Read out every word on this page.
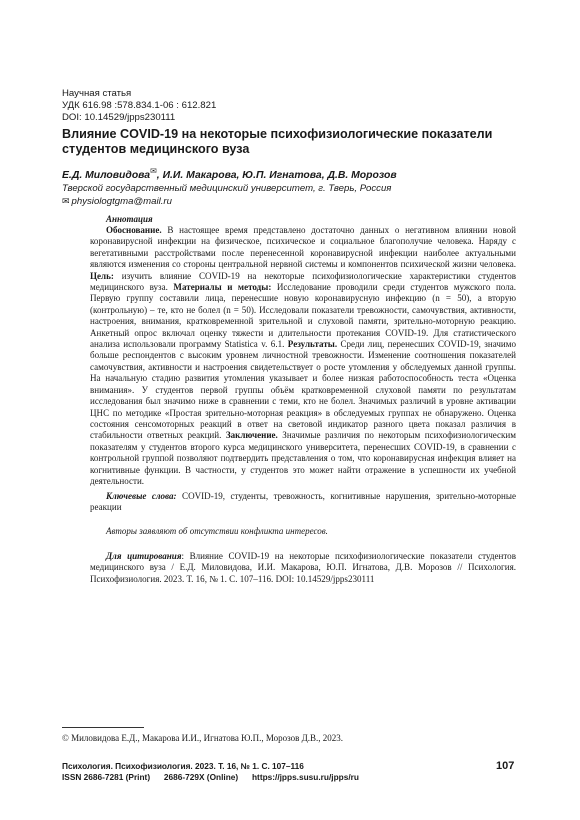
Научная статья
УДК 616.98 :578.834.1-06 : 612.821
DOI: 10.14529/jpps230111
Влияние COVID-19 на некоторые психофизиологические показатели студентов медицинского вуза
Е.Д. Миловидова✉, И.И. Макарова, Ю.П. Игнатова, Д.В. Морозов
Тверской государственный медицинский университет, г. Тверь, Россия
✉ physiologtgma@mail.ru
Аннотация

Обоснование. В настоящее время представлено достаточно данных о негативном влиянии новой коронавирусной инфекции на физическое, психическое и социальное благополучие человека. Наряду с вегетативными расстройствами после перенесенной коронавирусной инфекции наиболее актуальными являются изменения со стороны центральной нервной системы и компонентов психической жизни человека. Цель: изучить влияние COVID-19 на некоторые психофизиологические характеристики студентов медицинского вуза. Материалы и методы: Исследование проводили среди студентов мужского пола. Первую группу составили лица, перенесшие новую коронавирусную инфекцию (n = 50), а вторую (контрольную) – те, кто не болел (n = 50). Исследовали показатели тревожности, самочувствия, активности, настроения, внимания, кратковременной зрительной и слуховой памяти, зрительно-моторную реакцию. Анкетный опрос включал оценку тяжести и длительности протекания COVID-19. Для статистического анализа использовали программу Statistica v. 6.1. Результаты. Среди лиц, перенесших COVID-19, значимо больше респондентов с высоким уровнем личностной тревожности. Изменение соотношения показателей самочувствия, активности и настроения свидетельствует о росте утомления у обследуемых данной группы. На начальную стадию развития утомления указывает и более низкая работоспособность теста «Оценка внимания». У студентов первой группы объём кратковременной слуховой памяти по результатам исследования был значимо ниже в сравнении с теми, кто не болел. Значимых различий в уровне активации ЦНС по методике «Простая зрительно-моторная реакция» в обследуемых группах не обнаружено. Оценка состояния сенсомоторных реакций в ответ на световой индикатор разного цвета показал различия в стабильности ответных реакций. Заключение. Значимые различия по некоторым психофизиологическим показателям у студентов второго курса медицинского университета, перенесших COVID-19, в сравнении с контрольной группой позволяют подтвердить представления о том, что коронавирусная инфекция влияет на когнитивные функции. В частности, у студентов это может найти отражение в успешности их учебной деятельности.

Ключевые слова: COVID-19, студенты, тревожность, когнитивные нарушения, зрительно-моторные реакции

Авторы заявляют об отсутствии конфликта интересов.

Для цитирования: Влияние COVID-19 на некоторые психофизиологические показатели студентов медицинского вуза / Е.Д. Миловидова, И.И. Макарова, Ю.П. Игнатова, Д.В. Морозов // Психология. Психофизиология. 2023. Т. 16, № 1. С. 107–116. DOI: 10.14529/jpps230111

© Миловидова Е.Д., Макарова И.И., Игнатова Ю.П., Морозов Д.В., 2023.
Психология. Психофизиология. 2023. Т. 16, № 1. С. 107–116
ISSN 2686-7281 (Print)      2686-729X (Online)      https://jpps.susu.ru/jpps/ru
107
